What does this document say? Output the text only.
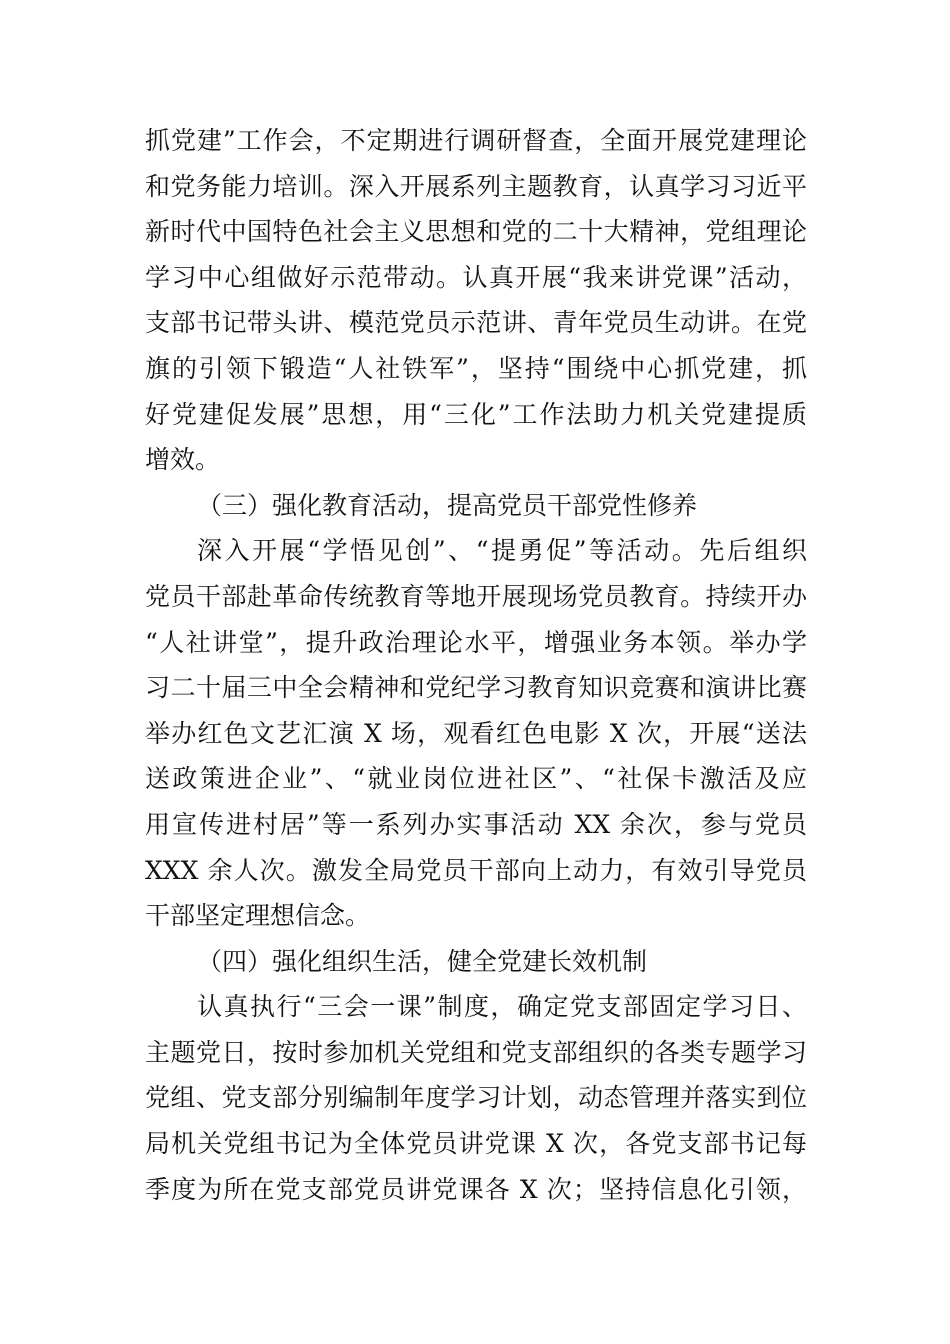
抓党建”工作会，不定期进行调研督查，全面开展党建理论
和党务能力培训。深入开展系列主题教育，认真学习习近平
新时代中国特色社会主义思想和党的二十大精神，党组理论
学习中心组做好示范带动。认真开展“我来讲党课”活动，
支部书记带头讲、模范党员示范讲、青年党员生动讲。在党
旗的引领下锻造“人社铁军”，坚持“围绕中心抓党建，抓
好党建促发展”思想，用“三化”工作法助力机关党建提质
增效。
（三）强化教育活动，提高党员干部党性修养
深入开展“学悟见创”、“提勇促”等活动。先后组织
党员干部赴革命传统教育等地开展现场党员教育。持续开办
“人社讲堂”，提升政治理论水平，增强业务本领。举办学
习二十届三中全会精神和党纪学习教育知识竞赛和演讲比赛
举办红色文艺汇演 X 场，观看红色电影 X 次，开展“送法
送政策进企业”、“就业岗位进社区”、“社保卡激活及应
用宣传进村居”等一系列办实事活动 XX 余次，参与党员
XXX 余人次。激发全局党员干部向上动力，有效引导党员
干部坚定理想信念。
（四）强化组织生活，健全党建长效机制
认真执行“三会一课”制度，确定党支部固定学习日、
主题党日，按时参加机关党组和党支部组织的各类专题学习
党组、党支部分别编制年度学习计划，动态管理并落实到位
局机关党组书记为全体党员讲党课 X 次，各党支部书记每
季度为所在党支部党员讲党课各 X 次；坚持信息化引领，
